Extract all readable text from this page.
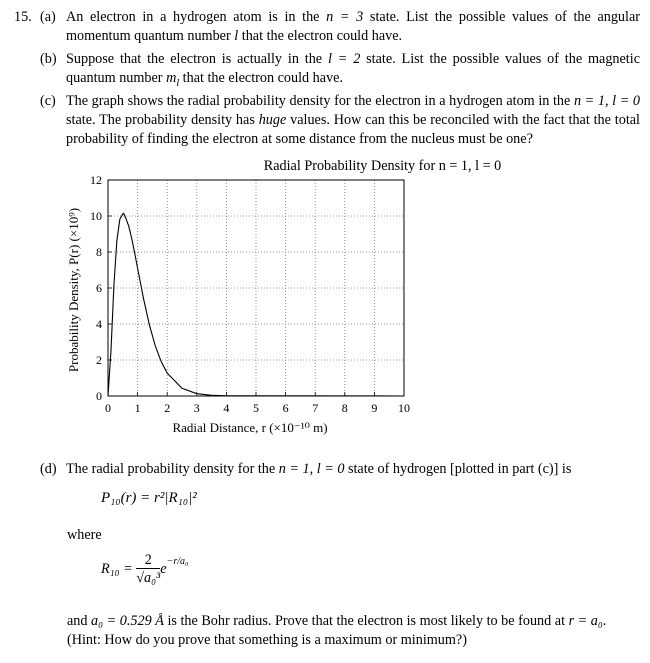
15. (a) An electron in a hydrogen atom is in the n = 3 state. List the possible values of the angular momentum quantum number l that the electron could have.
(b) Suppose that the electron is actually in the l = 2 state. List the possible values of the magnetic quantum number $m_l$ that the electron could have.
(c) The graph shows the radial probability density for the electron in a hydrogen atom in the n = 1, l = 0 state. The probability density has huge values. How can this be reconciled with the fact that the total probability of finding the electron at some distance from the nucleus must be one?
Radial Probability Density for n = 1, l = 0
0 1 2 3 4 5 6 7 8 9 10
0
2
4
6
8
10
12
Radial Distance, r (×10⁻¹⁰ m)
Probability Density, P(r) (×10⁹)
(d) The radial probability density for the n = 1, l = 0 state of hydrogen [plotted in part (c)] is
P₁₀(r) = r²|R₁₀|²
where
$R_{10} = \frac{2}{\text{√a₀³}} e^{-r/a_0}$
and a₀ = 0.529 Å is the Bohr radius. Prove that the electron is most likely to be found at r = a₀.
(Hint: How do you prove that something is a maximum or minimum?)
